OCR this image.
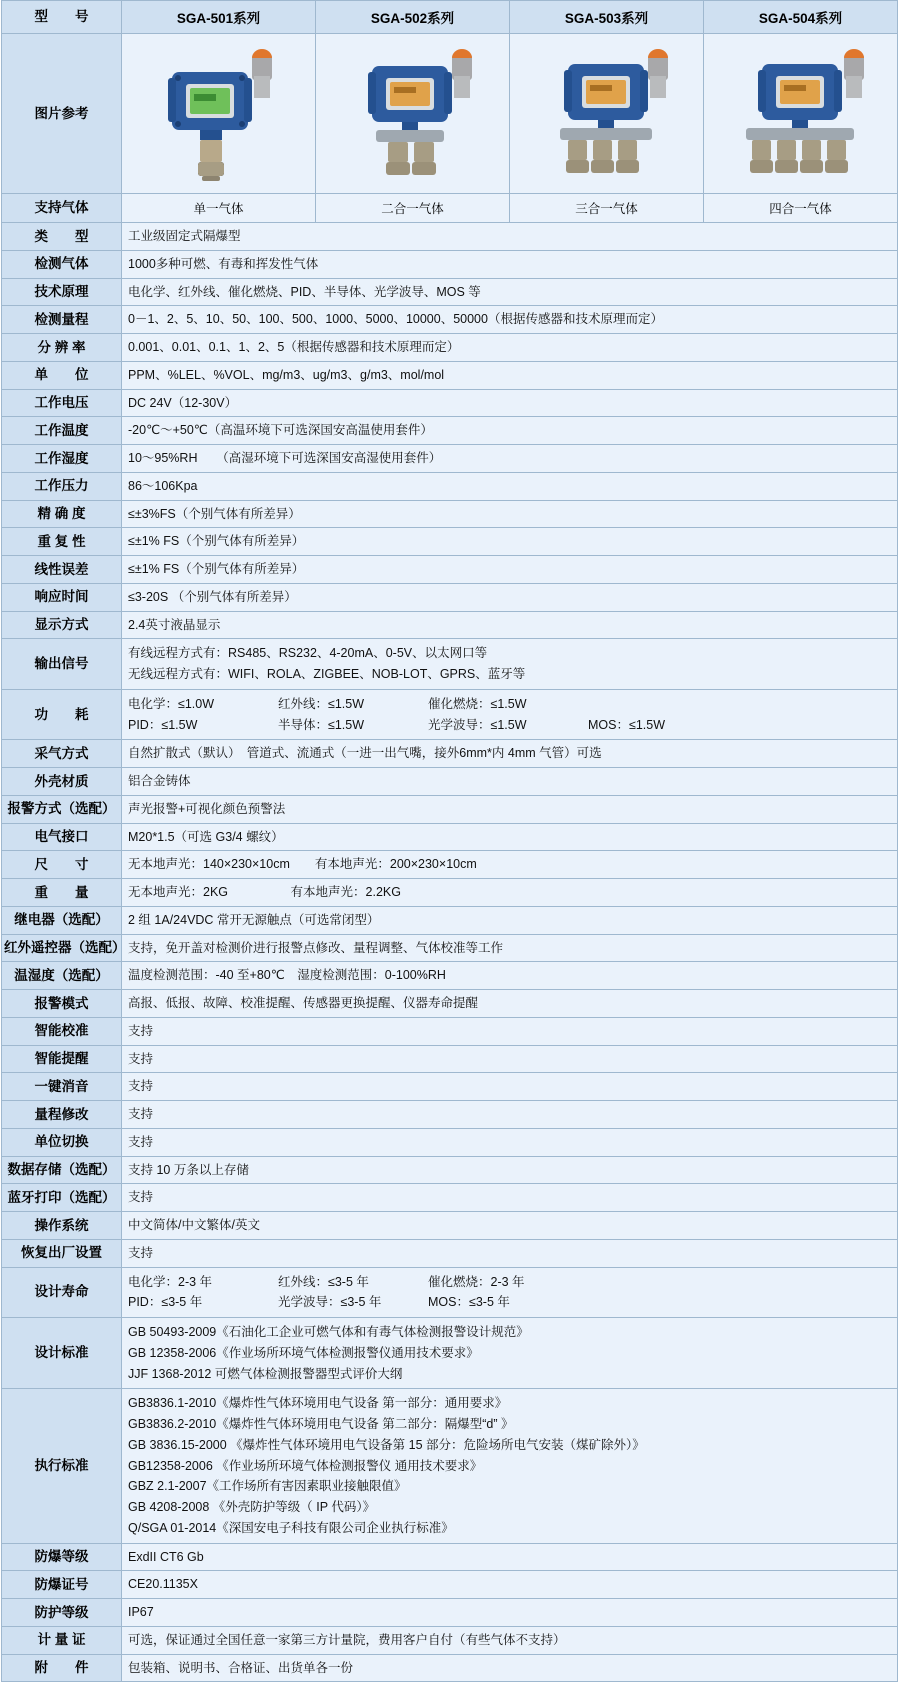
型　　号	SGA-501系列	SGA-502系列	SGA-503系列	SGA-504系列
图片参考	

支持气体	单一气体	二合一气体	三合一气体	四合一气体
类　　型	工业级固定式隔爆型			
检测气体	1000多种可燃、有毒和挥发性气体			
技术原理	电化学、红外线、催化燃烧、PID、半导体、光学波导、MOS 等			
检测量程	0－1、2、5、10、50、100、500、1000、5000、10000、50000（根据传感器和技术原理而定）			
分 辨 率	0.001、0.01、0.1、1、2、5（根据传感器和技术原理而定）			
单　　位	PPM、%LEL、%VOL、mg/m3、ug/m3、g/m3、mol/mol			
工作电压	DC 24V（12-30V）			
工作温度	-20℃～+50℃（高温环境下可选深国安高温使用套件）			
工作湿度	10～95%RH　　（高湿环境下可选深国安高湿使用套件）			
工作压力	86～106Kpa			
精 确 度	≤±3%FS（个别气体有所差异）			
重 复 性	≤±1% FS（个别气体有所差异）			
线性误差	≤±1% FS（个别气体有所差异）			
响应时间	≤3-20S （个别气体有所差异）			
显示方式	2.4英寸液晶显示			
输出信号	有线远程方式有：RS485、RS232、4-20mA、0-5V、以太网口等
无线远程方式有：WIFI、ROLA、ZIGBEE、NOB-LOT、GPRS、蓝牙等			

功　　耗	
电化学：≤1.0W	红外线：≤1.5W	催化燃烧：≤1.5W
PID：≤1.5W	半导体：≤1.5W	光学波导：≤1.5W	MOS：≤1.5W

采气方式	自然扩散式（默认）　管道式、流通式（一进一出气嘴，接外6mm*内 4mm 气管）可选			
外壳材质	铝合金铸体			
报警方式（选配）	声光报警+可视化颜色预警法			
电气接口	M20*1.5（可选 G3/4 螺纹）			
尺　　寸	无本地声光：140×230×10cm　　有本地声光：200×230×10cm			
重　　量	无本地声光：2KG　　　　　有本地声光：2.2KG			
继电器（选配）	2 组 1A/24VDC 常开无源触点（可选常闭型）			
红外遥控器（选配）	支持，免开盖对检测价进行报警点修改、量程调整、气体校准等工作			
温湿度（选配）	温度检测范围：-40 至+80℃　湿度检测范围：0-100%RH			
报警模式	高报、低报、故障、校准提醒、传感器更换提醒、仪器寿命提醒			
智能校准	支持			
智能提醒	支持			
一键消音	支持			
量程修改	支持			
单位切换	支持			
数据存储（选配）	支持 10 万条以上存储			
蓝牙打印（选配）	支持			
操作系统	中文简体/中文繁体/英文			
恢复出厂设置	支持			
设计寿命	
电化学：2-3 年	红外线：≤3-5 年	催化燃烧：2-3 年
PID：≤3-5 年	光学波导：≤3-5 年	MOS：≤3-5 年

设计标准	GB 50493-2009《石油化工企业可燃气体和有毒气体检测报警设计规范》
GB 12358-2006《作业场所环境气体检测报警仪通用技术要求》
JJF 1368-2012 可燃气体检测报警器型式评价大纲			

执行标准	
GB3836.1-2010《爆炸性气体环境用电气设备 第一部分：通用要求》
GB3836.2-2010《爆炸性气体环境用电气设备 第二部分：隔爆型“d” 》
GB 3836.15-2000 《爆炸性气体环境用电气设备第 15 部分：危险场所电气安装（煤矿除外）》
GB12358-2006 《作业场所环境气体检测报警仪 通用技术要求》
GBZ 2.1-2007《工作场所有害因素职业接触限值》
GB 4208-2008 《外壳防护等级（ IP 代码）》
Q/SGA 01-2014《深国安电子科技有限公司企业执行标准》

防爆等级	ExdII CT6 Gb			
防爆证号	CE20.1135X			
防护等级	IP67			
计 量 证	可选，保证通过全国任意一家第三方计量院，费用客户自付（有些气体不支持）			
附　　件	包装箱、说明书、合格证、出货单各一份			
